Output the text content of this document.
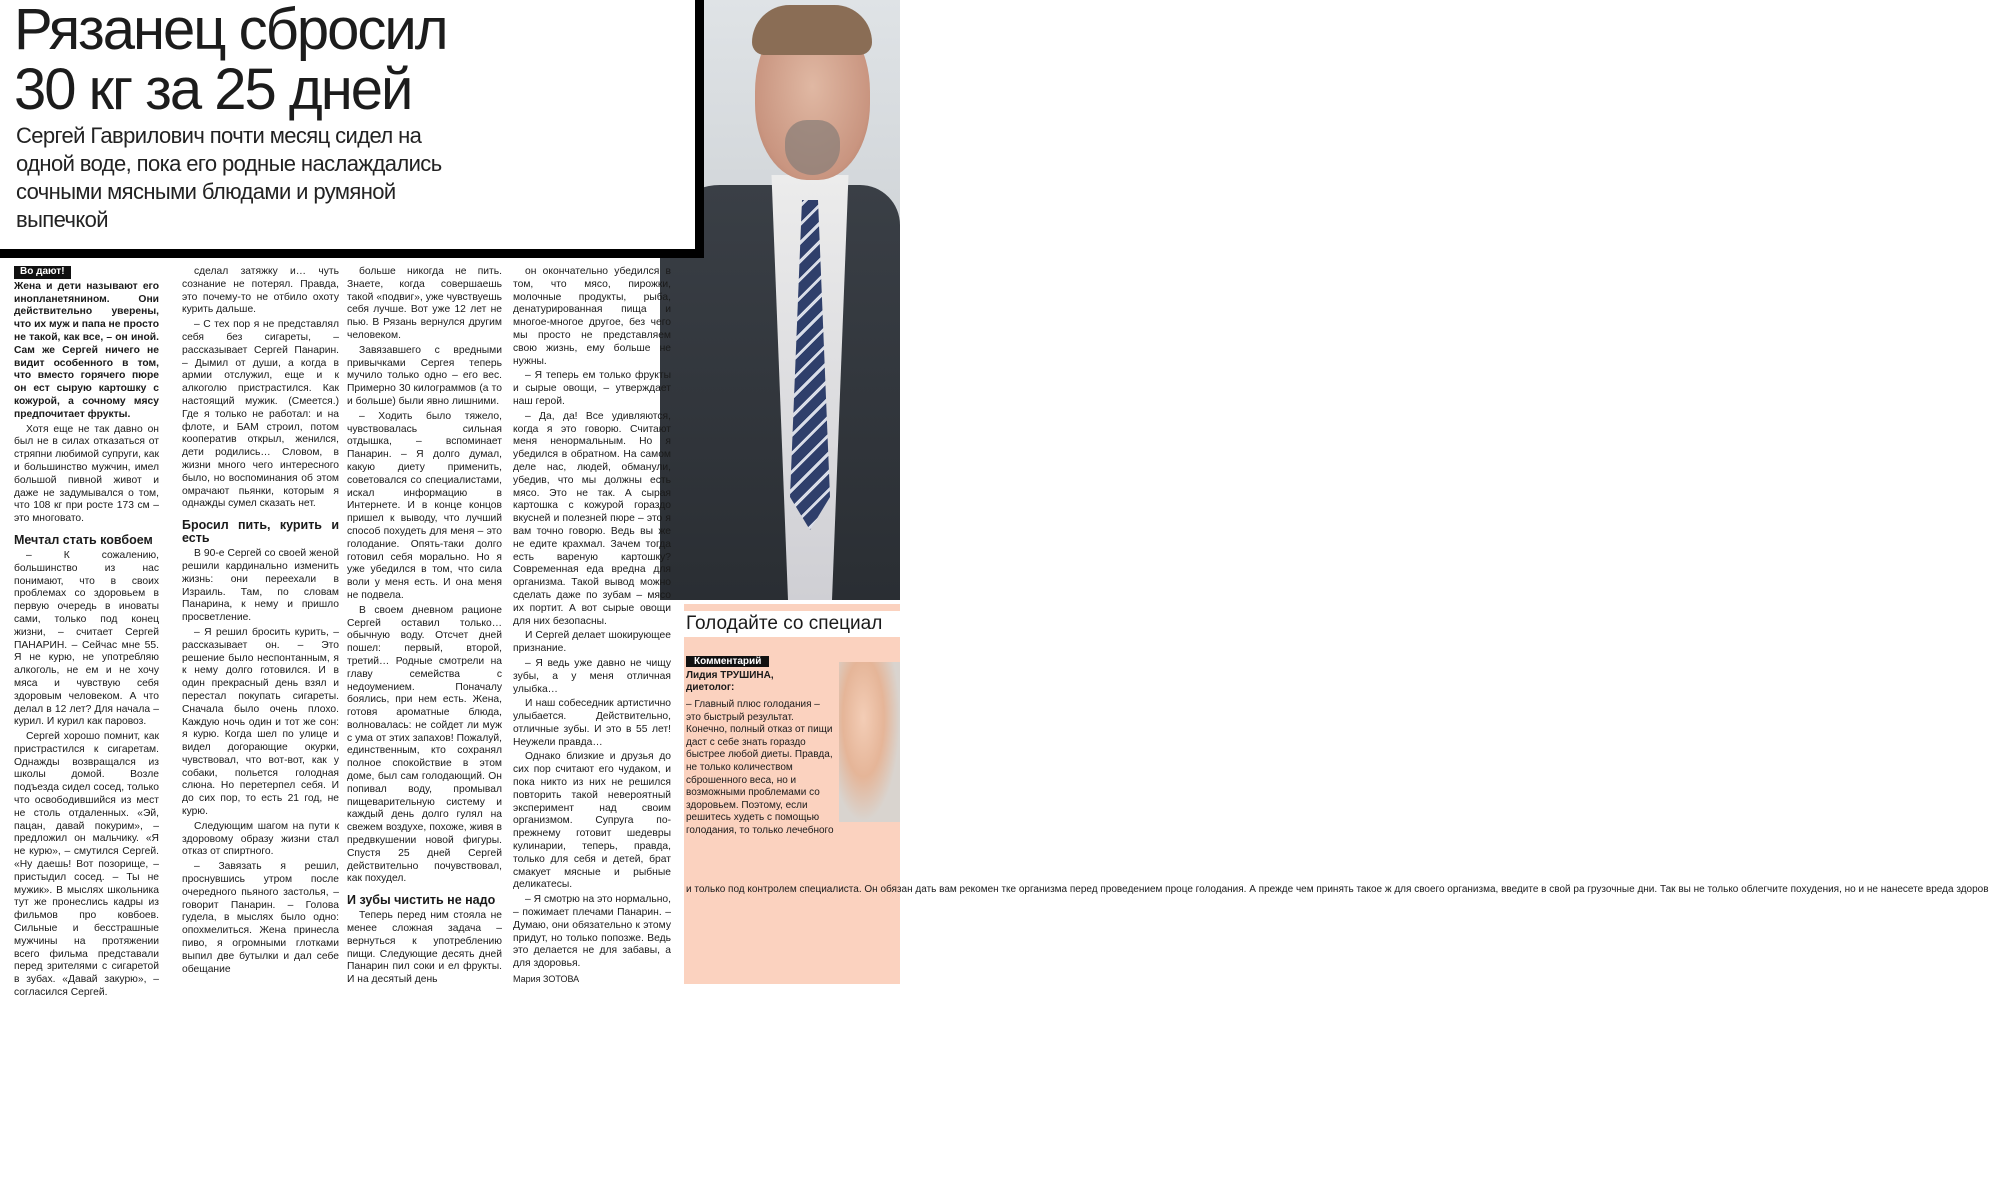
Рязанец сбросил
30 кг за 25 дней
Сергей Гаврилович почти месяц сидел на одной воде, пока его родные наслаждались сочными мясными блюдами и румяной выпечкой
Во дают!

Жена и дети называют его инопланетянином. Они действительно уверены, что их муж и папа не просто не такой, как все, – он иной. Сам же Сергей ничего не видит особенного в том, что вместо горячего пюре он ест сырую картошку с кожурой, а сочному мясу предпочитает фрукты.

Хотя еще не так давно он был не в силах отказаться от стряпни любимой супруги, как и большинство мужчин, имел большой пивной живот и даже не задумывался о том, что 108 кг при росте 173 см – это многовато.

Мечтал стать ковбоем

– К сожалению, большинство из нас понимают, что в своих проблемах со здоровьем в первую очередь в иноваты сами, только под конец жизни, – считает Сергей ПАНАРИН. – Сейчас мне 55. Я не курю, не употребляю алкоголь, не ем и не хочу мяса и чувствую себя здоровым человеком. А что делал в 12 лет? Для начала – курил. И курил как паровоз.

Сергей хорошо помнит, как пристрастился к сигаретам. Однажды возвращался из школы домой. Возле подъезда сидел сосед, только что освободившийся из мест не столь отдаленных. «Эй, пацан, давай покурим», – предложил он мальчику. «Я не курю», – смутился Сергей. «Ну даешь! Вот позорище, – пристыдил сосед. – Ты не мужик». В мыслях школьника тут же пронеслись кадры из фильмов про ковбоев. Сильные и бесстрашные мужчины на протяжении всего фильма представали перед зрителями с сигаретой в зубах. «Давай закурю», – согласился Сергей.

сделал затяжку и… чуть сознание не потерял. Правда, это почему-то не отбило охоту курить дальше.

– С тех пор я не представлял себя без сигареты, – рассказывает Сергей Панарин. – Дымил от души, а когда в армии отслужил, еще и к алкоголю пристрастился. Как настоящий мужик. (Смеется.) Где я только не работал: и на флоте, и БАМ строил, потом кооператив открыл, женился, дети родились… Словом, в жизни много чего интересного было, но воспоминания об этом омрачают пьянки, которым я однажды сумел сказать нет.

Бросил пить, курить и есть

В 90-е Сергей со своей женой решили кардинально изменить жизнь: они переехали в Израиль. Там, по словам Панарина, к нему и пришло просветление.

– Я решил бросить курить, – рассказывает он. – Это решение было неспонтанным, я к нему долго готовился. И в один прекрасный день взял и перестал покупать сигареты. Сначала было очень плохо. Каждую ночь один и тот же сон: я курю. Когда шел по улице и видел догорающие окурки, чувствовал, что вот-вот, как у собаки, польется голодная слюна. Но перетерпел себя. И до сих пор, то есть 21 год, не курю.

Следующим шагом на пути к здоровому образу жизни стал отказ от спиртного.

– Завязать я решил, проснувшись утром после очередного пьяного застолья, – говорит Панарин. – Голова гудела, в мыслях было одно: опохмелиться. Жена принесла пиво, я огромными глотками выпил две бутылки и дал себе обещание

больше никогда не пить. Знаете, когда совершаешь такой «подвиг», уже чувствуешь себя лучше. Вот уже 12 лет не пью. В Рязань вернулся другим человеком.

Завязавшего с вредными привычками Сергея теперь мучило только одно – его вес. Примерно 30 килограммов (а то и больше) были явно лишними.

– Ходить было тяжело, чувствовалась сильная отдышка, – вспоминает Панарин. – Я долго думал, какую диету применить, советовался со специалистами, искал информацию в Интернете. И в конце концов пришел к выводу, что лучший способ похудеть для меня – это голодание. Опять-таки долго готовил себя морально. Но я уже убедился в том, что сила воли у меня есть. И она меня не подвела.

В своем дневном рационе Сергей оставил только… обычную воду. Отсчет дней пошел: первый, второй, третий… Родные смотрели на главу семейства с недоумением. Поначалу боялись, при нем есть. Жена, готовя ароматные блюда, волновалась: не сойдет ли муж с ума от этих запахов! Пожалуй, единственным, кто сохранял полное спокойствие в этом доме, был сам голодающий. Он попивал воду, промывал пищеварительную систему и каждый день долго гулял на свежем воздухе, похоже, живя в предвкушении новой фигуры. Спустя 25 дней Сергей действительно почувствовал, как похудел.

И зубы чистить не надо

Теперь перед ним стояла не менее сложная задача – вернуться к употреблению пищи. Следующие десять дней Панарин пил соки и ел фрукты. И на десятый день

он окончательно убедился в том, что мясо, пирожки, молочные продукты, рыба, денатурированная пища и многое-многое другое, без чего мы просто не представляем свою жизнь, ему больше не нужны.

– Я теперь ем только фрукты и сырые овощи, – утверждает наш герой.

– Да, да! Все удивляются, когда я это говорю. Считают меня ненормальным. Но я убедился в обратном. На самом деле нас, людей, обманули, убедив, что мы должны есть мясо. Это не так. А сырая картошка с кожурой гораздо вкусней и полезней пюре – это я вам точно говорю. Ведь вы же не едите крахмал. Зачем тогда есть вареную картошку? Современная еда вредна для организма. Такой вывод можно сделать даже по зубам – мясо их портит. А вот сырые овощи для них безопасны.

И Сергей делает шокирующее признание.

– Я ведь уже давно не чищу зубы, а у меня отличная улыбка…

И наш собеседник артистично улыбается. Действительно, отличные зубы. И это в 55 лет! Неужели правда…

Однако близкие и друзья до сих пор считают его чудаком, и пока никто из них не решился повторить такой невероятный эксперимент над своим организмом. Супруга по-прежнему готовит шедевры кулинарии, теперь, правда, только для себя и детей, брат смакует мясные и рыбные деликатесы.

– Я смотрю на это нормально, – пожимает плечами Панарин. – Думаю, они обязательно к этому придут, но только попозже. Ведь это делается не для забавы, а для здоровья.

Мария ЗОТОВА

Голодайте со специал
Комментарий
Лидия ТРУШИНА,
диетолог:
– Главный плюс голодания – это быстрый результат. Конечно, полный отказ от пищи даст с себе знать гораздо быстрее любой диеты. Правда, не только количеством сброшенного веса, но и возможными проблемами со здоровьем. Поэтому, если решитесь худеть с помощью голодания, то только лечебного
и только под контролем специалиста. Он обязан дать вам рекомен тке организма перед проведением проце голодания. А прежде чем принять такое ж для своего организма, введите в свой ра грузочные дни. Так вы не только облегчите похудения, но и не нанесете вреда здоров
